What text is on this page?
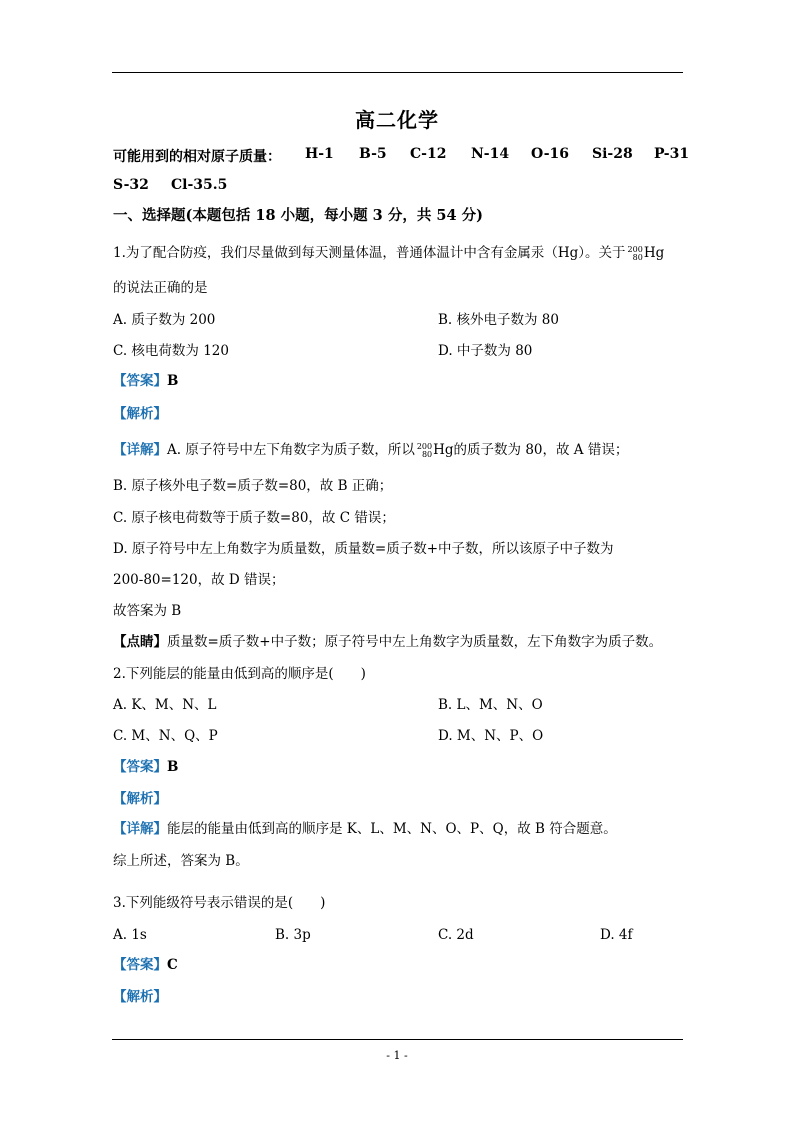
高二化学
可能用到的相对原子质量： H-1 B-5 C-12 N-14 O-16 Si-28 P-31
S-32 Cl-35.5
一、选择题(本题包括 18 小题，每小题 3 分，共 54 分)
1.为了配合防疫，我们尽量做到每天测量体温，普通体温计中含有金属汞（Hg）。关于 200
80 Hg
的说法正确的是
A. 质子数为 200	B. 核外电子数为 80
C. 核电荷数为 120	D. 中子数为 80
【答案】B
【解析】
【详解】A. 原子符号中左下角数字为质子数，所以 200
80 Hg的质子数为 80，故 A 错误；
B. 原子核外电子数=质子数=80，故 B 正确；
C. 原子核电荷数等于质子数=80，故 C 错误；
D. 原子符号中左上角数字为质量数，质量数=质子数+中子数，所以该原子中子数为
200-80=120，故 D 错误；
故答案为 B
【点睛】质量数=质子数+中子数；原子符号中左上角数字为质量数，左下角数字为质子数。
2.下列能层的能量由低到高的顺序是(　　)
A. K、M、N、L	B. L、M、N、O
C. M、N、Q、P	D. M、N、P、O
【答案】B
【解析】
【详解】能层的能量由低到高的顺序是 K、L、M、N、O、P、Q，故 B 符合题意。
综上所述，答案为 B。
3.下列能级符号表示错误的是(　　)
A. 1s	B. 3p	C. 2d	D. 4f
【答案】C
【解析】
- 1 -
